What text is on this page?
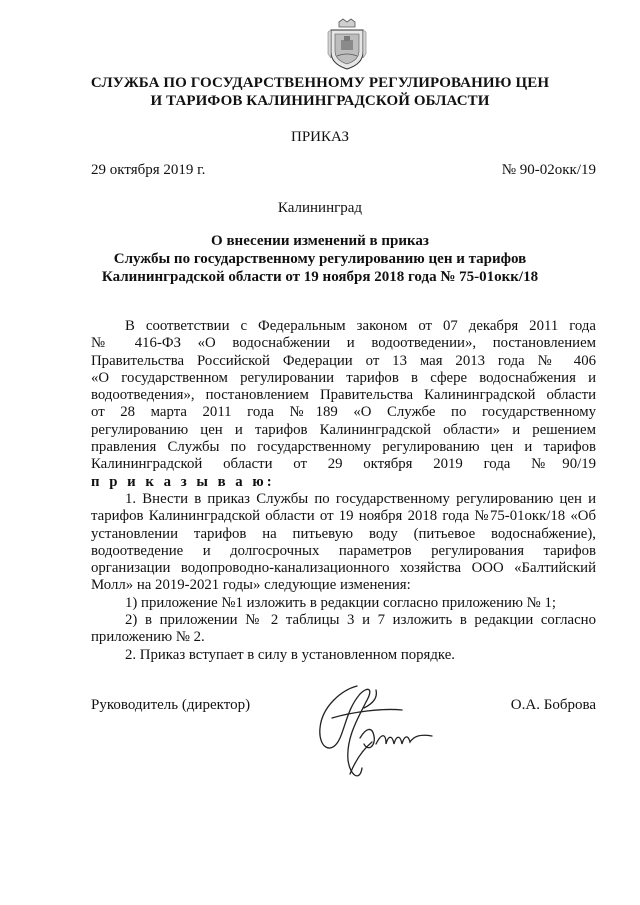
СЛУЖБА ПО ГОСУДАРСТВЕННОМУ РЕГУЛИРОВАНИЮ ЦЕН
И ТАРИФОВ КАЛИНИНГРАДСКОЙ ОБЛАСТИ
ПРИКАЗ
29 октября 2019 г.	№ 90-02окк/19
Калининград
О внесении изменений в приказ
Службы по государственному регулированию цен и тарифов
Калининградской области от 19 ноября 2018 года № 75-01окк/18

В соответствии с Федеральным законом от 07 декабря 2011 года

№ 416-ФЗ «О водоснабжении и водоотведении», постановлением

Правительства Российской Федерации от 13 мая 2013 года № 406

«О государственном регулировании тарифов в сфере водоснабжения и

водоотведения», постановлением Правительства Калининградской области

от 28 марта 2011 года №189 «О Службе по государственному

регулированию цен и тарифов Калининградской области» и решением

правления Службы по государственному регулированию цен и тарифов

Калининградской области от 29 октября 2019 года №90/19

п р и к а з ы в а ю:

1. Внести в приказ Службы по государственному регулированию цен и

тарифов Калининградской области от 19 ноября 2018 года №75-01окк/18 «Об

установлении тарифов на питьевую воду (питьевое водоснабжение),

водоотведение и долгосрочных параметров регулирования тарифов

организации водопроводно-канализационного хозяйства ООО «Балтийский

Молл» на 2019-2021 годы» следующие изменения:

1) приложение №1 изложить в редакции согласно приложению № 1;

2) в приложении № 2 таблицы 3 и 7 изложить в редакции согласно

приложению № 2.

2. Приказ вступает в силу в установленном порядке.

Руководитель (директор)	О.А. Боброва
